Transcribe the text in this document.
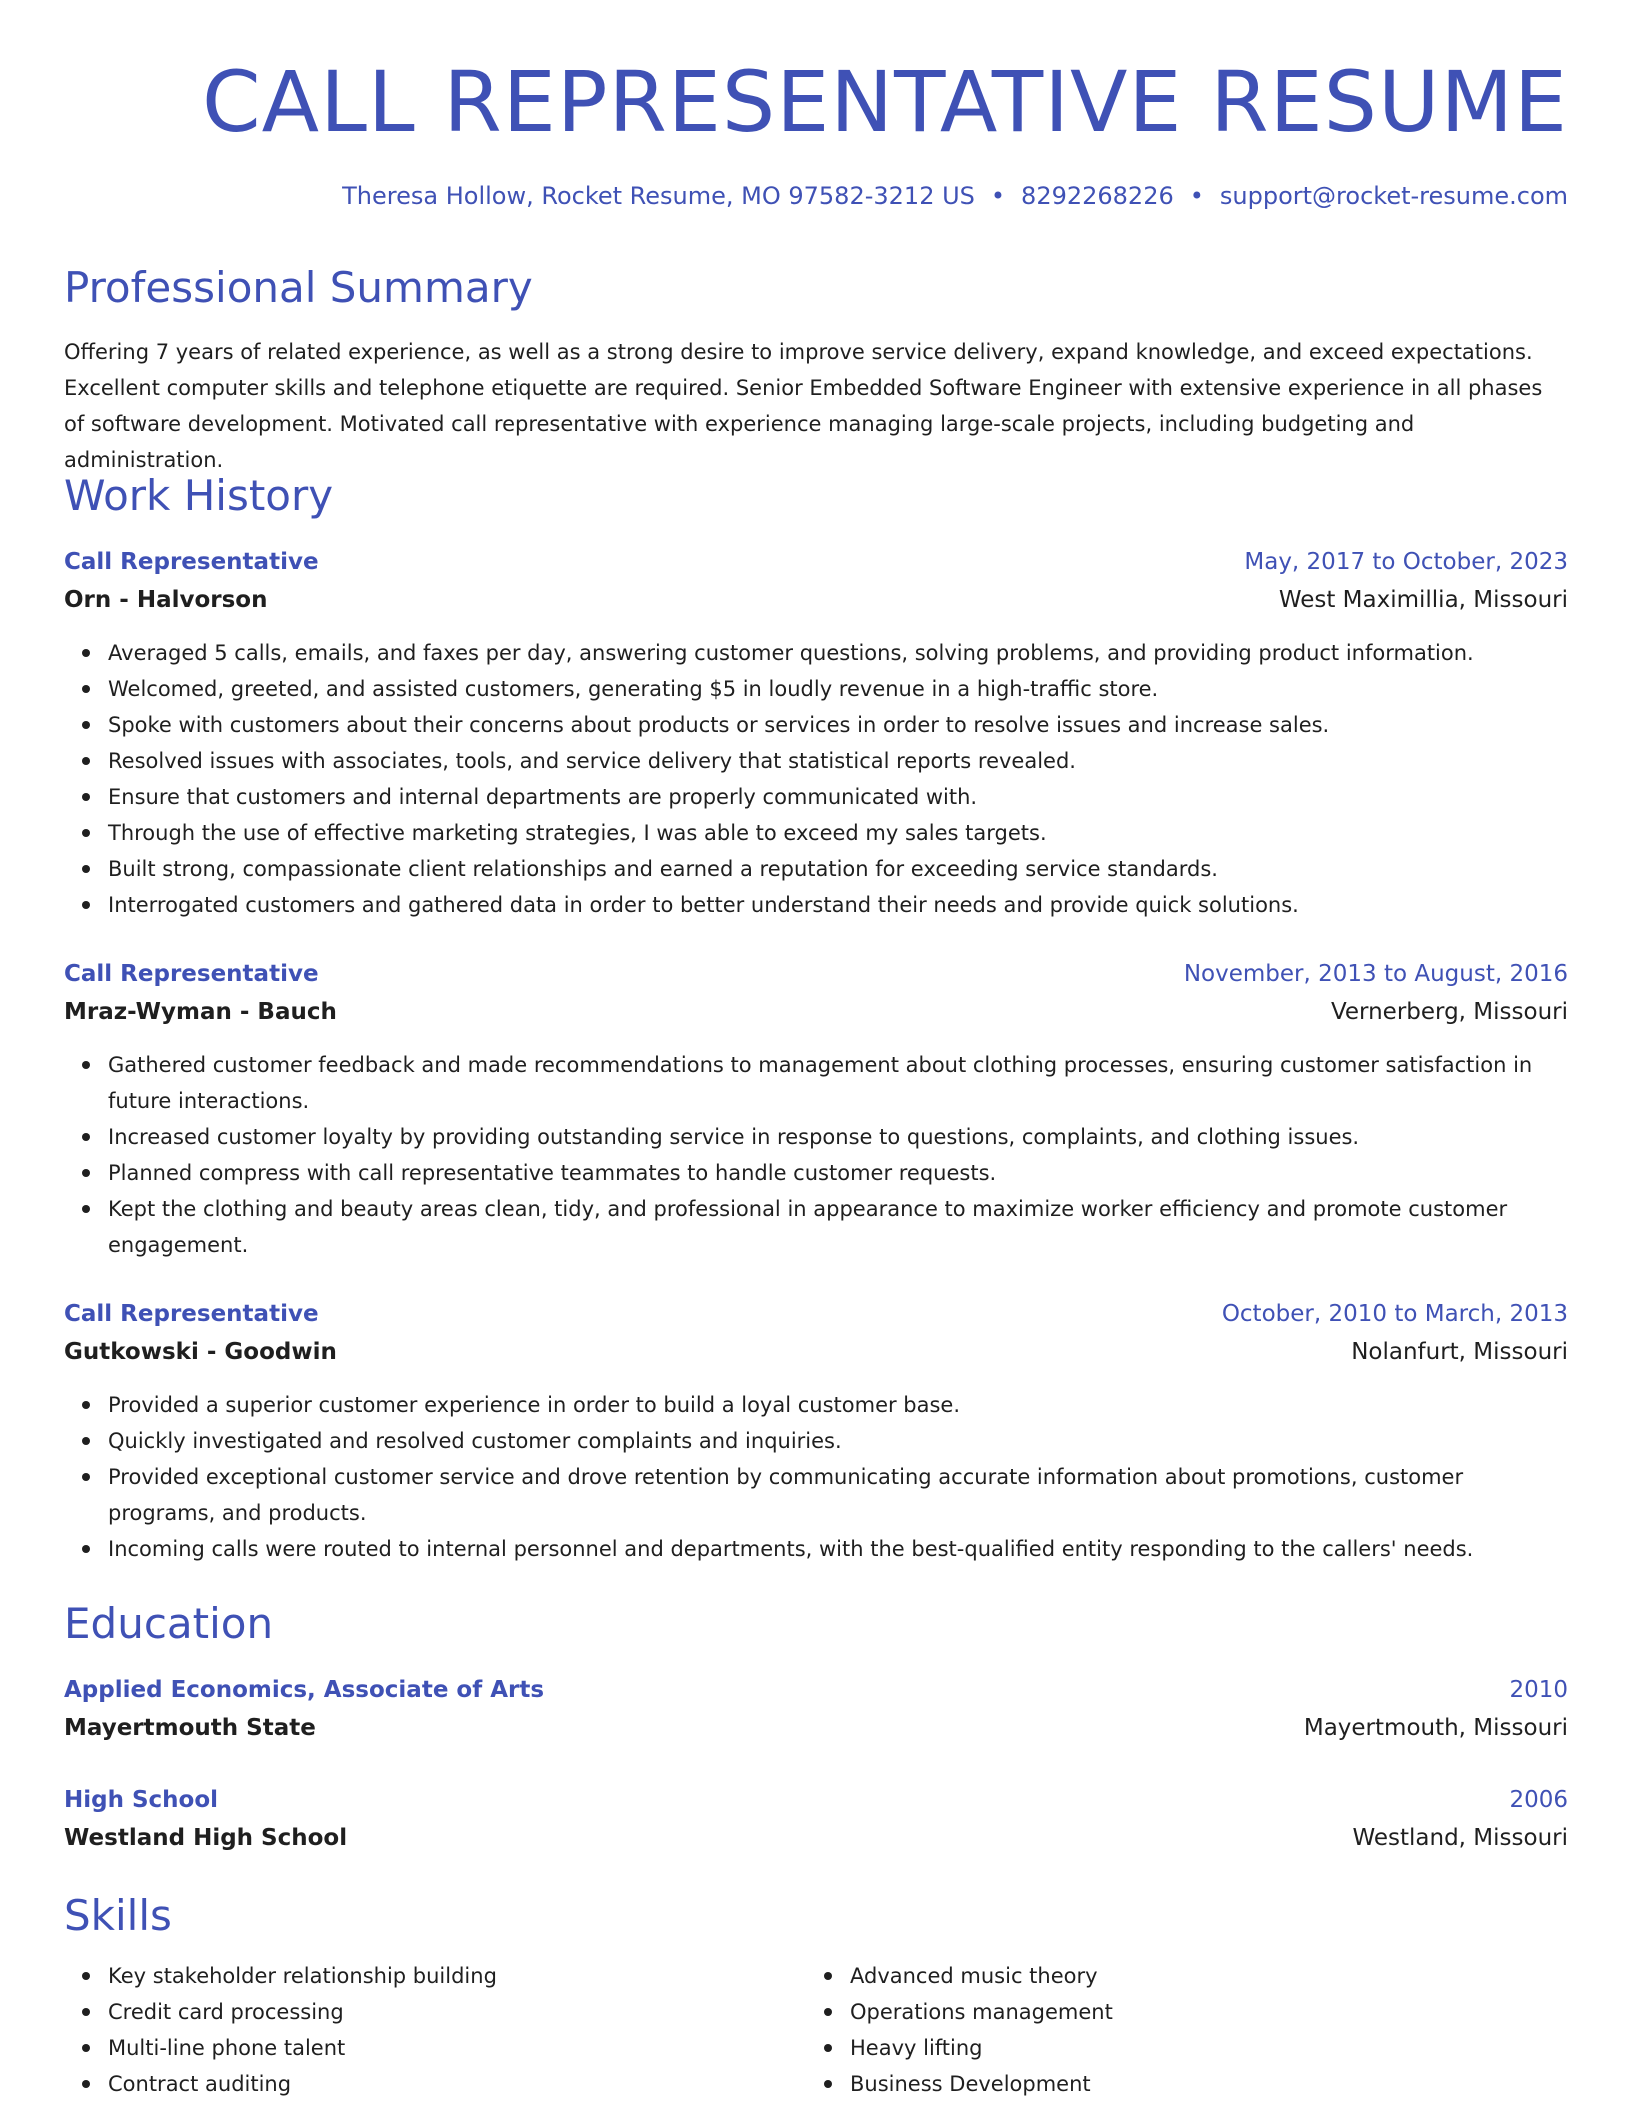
CALL REPRESENTATIVE RESUME
Theresa Hollow, Rocket Resume, MO 97582-3212 US • 8292268226 • support@rocket-resume.com
Professional Summary

Offering 7 years of related experience, as well as a strong desire to improve service delivery, expand knowledge, and exceed expectations. Excellent computer skills and telephone etiquette are required. Senior Embedded Software Engineer with extensive experience in all phases of software development. Motivated call representative with experience managing large-scale projects, including budgeting and administration.

Work History
Call Representative	May, 2017 to October, 2023
Orn - Halvorson	West Maximillia, Missouri
Averaged 5 calls, emails, and faxes per day, answering customer questions, solving problems, and providing product information.
Welcomed, greeted, and assisted customers, generating $5 in loudly revenue in a high-traffic store.
Spoke with customers about their concerns about products or services in order to resolve issues and increase sales.
Resolved issues with associates, tools, and service delivery that statistical reports revealed.
Ensure that customers and internal departments are properly communicated with.
Through the use of effective marketing strategies, I was able to exceed my sales targets.
Built strong, compassionate client relationships and earned a reputation for exceeding service standards.
Interrogated customers and gathered data in order to better understand their needs and provide quick solutions.
Call Representative	November, 2013 to August, 2016
Mraz-Wyman - Bauch	Vernerberg, Missouri
Gathered customer feedback and made recommendations to management about clothing processes, ensuring customer satisfaction in future interactions.
Increased customer loyalty by providing outstanding service in response to questions, complaints, and clothing issues.
Planned compress with call representative teammates to handle customer requests.
Kept the clothing and beauty areas clean, tidy, and professional in appearance to maximize worker efficiency and promote customer engagement.
Call Representative	October, 2010 to March, 2013
Gutkowski - Goodwin	Nolanfurt, Missouri
Provided a superior customer experience in order to build a loyal customer base.
Quickly investigated and resolved customer complaints and inquiries.
Provided exceptional customer service and drove retention by communicating accurate information about promotions, customer programs, and products.
Incoming calls were routed to internal personnel and departments, with the best-qualified entity responding to the callers' needs.
Education
Applied Economics, Associate of Arts	2010
Mayertmouth State	Mayertmouth, Missouri
High School	2006
Westland High School	Westland, Missouri
Skills
Key stakeholder relationship building
Credit card processing
Multi-line phone talent
Contract auditing
Advanced music theory
Operations management
Heavy lifting
Business Development
